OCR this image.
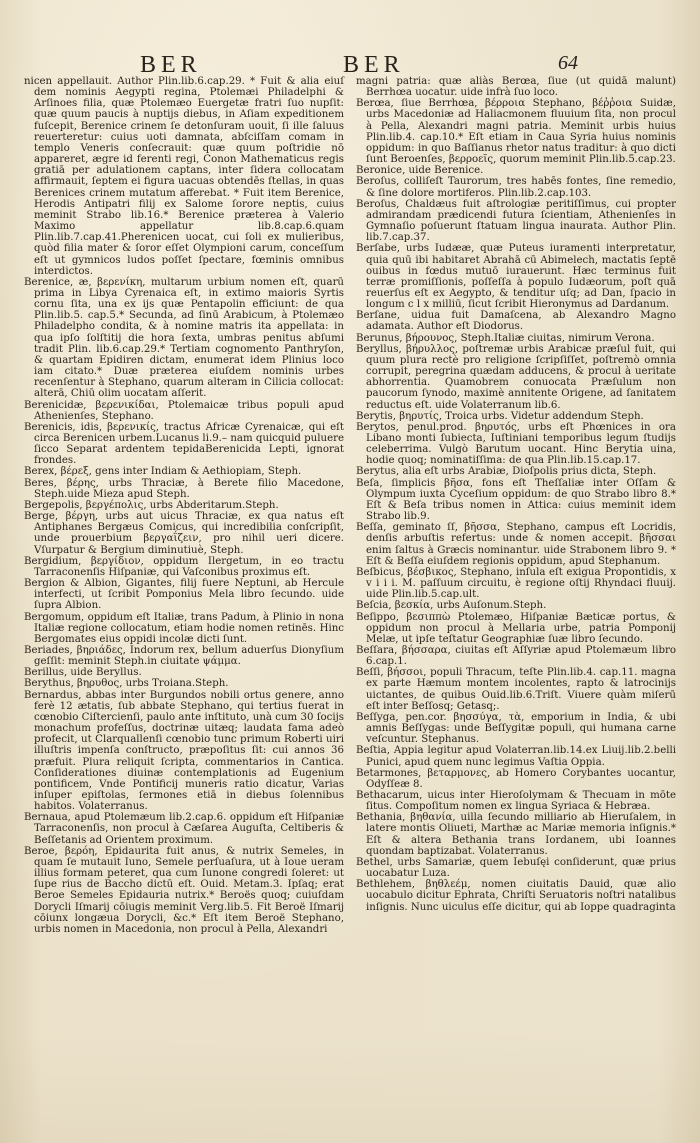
BER	BER	64

nicen appellauit. Author Plin.lib.6.cap.29. * Fuit & alia eiuſ dem nominis Aegypti regina, Ptolemæi Philadelphi & Arſinoes filia, quæ Ptolemæo Euergetæ fratri ſuo nupſit: quæ quum paucis à nuptijs diebus, in Aſiam expeditionem fuſcepit, Berenice crinem ſe detonſuram uouit, ſi ille ſaluus reuerteretur: cuius uoti damnata, abſciſſam comam in templo Veneris conſecrauit: quæ quum poſtridie nō appareret, ægre id ferenti regi, Conon Mathematicus regis gratiā per adulationem captans, inter ſidera collocatam affirmauit, ſeptem ei figura uacuas obtendēs ſtellas, in quas Berenices crinem mutatum afferebat. * Fuit item Berenice, Herodis Antipatri filij ex Salome ſorore neptis, cuius meminit Strabo lib.16.* Berenice præterea à Valerio Maximo appellatur lib.8.cap.6.quam Plin.lib.7.cap.41.Pherenicen uocat, cui ſoli ex mulieribus, quòd filia mater & ſoror eſſet Olympioni carum, conceſſum eſt ut gymnicos ludos poſſet ſpectare, fœminis omnibus interdictos.

Berenice, æ, βερενίκη, multarum urbium nomen eſt, quarū prima in Libya Cyrenaica eſt, in extimo maioris Syrtis cornu ſita, una ex ijs quæ Pentapolin efficiunt: de qua Plin.lib.5. cap.5.* Secunda, ad ſinū Arabicum, à Ptolemæo Philadelpho condita, & à nomine matris ita appellata: in qua ipſo ſolſtitij die hora ſexta, umbras penitus abſumi tradit Plin. lib.6.cap.29.* Tertiam cognomento Panthryſon, & quartam Epidiren dictam, enumerat idem Plinius loco iam citato.* Duæ præterea eiuſdem nominis urbes recenſentur à Stephano, quarum alteram in Cilicia collocat: alterā, Chiū olim uocatam aſſerit.

Berenicidæ, βερενικίδαι, Ptolemaicæ tribus populi apud Athenienſes, Stephano.

Berenicis, idis, βερενικίς, tractus Africæ Cyrenaicæ, qui eſt circa Berenicen urbem.Lucanus li.9.– nam quicquid puluere ſicco Separat ardentem tepidaBerenicida Lepti, ignorat frondes.

Berex, βέρεξ, gens inter Indiam & Aethiopiam, Steph.

Beres, βέρης, urbs Thraciæ, à Berete filio Macedone, Steph.uide Mieza apud Steph.

Bergepolis, βεργέπολις, urbs Abderitarum.Steph.

Berge, βέργη, urbs aut uicus Thraciæ, ex qua natus eſt Antiphanes Bergæus Comicus, qui incredibilia conſcripſit, unde prouerbium βεργαΐζειν, pro nihil ueri dicere. Vſurpatur & Bergium diminutiuè, Steph.

Bergidium, βεργίδιον, oppidum Ilergetum, in eo tractu Tarraconenſis Hiſpaniæ, qui Vaſconibus proximus eſt.

Bergion & Albion, Gigantes, filij fuere Neptuni, ab Hercule interfecti, ut ſcribit Pomponius Mela libro ſecundo. uide ſupra Albion.

Bergomum, oppidum eſt Italiæ, trans Padum, à Plinio in nona Italiæ regione collocatum, etiam hodie nomen retinēs. Hinc Bergomates eius oppidi incolæ dicti ſunt.

Beriades, βηριάδες, Indorum rex, bellum aduerſus Dionyſium geſſit: meminit Steph.in ciuitate ψάμμα.

Berillus, uide Beryllus.

Berythus, βηρυθος, urbs Troiana.Steph.

Bernardus, abbas inter Burgundos nobili ortus genere, anno ferè 12 ætatis, ſub abbate Stephano, qui tertius fuerat in cœnobio Ciſtercienſi, paulo ante inſtituto, unà cum 30 ſocijs monachum profeſſus, doctrinæ uitæq; laudata fama adeò profecit, ut Clarquallenſi cœnobio tunc primum Roberti uiri illuſtris impenſa conſtructo, præpoſitus ſit: cui annos 36 præfuit. Plura reliquit ſcripta, commentarios in Cantica. Conſiderationes diuinæ contemplationis ad Eugenium pontificem, Vnde Pontificij muneris ratio dicatur, Varias inſuper epiſtolas, ſermones etiā in diebus ſolennibus habitos. Volaterranus.

Bernaua, apud Ptolemæum lib.2.cap.6. oppidum eſt Hiſpaniæ Tarraconenſis, non procul à Cæſarea Auguſta, Celtiberis & Beſſetanis ad Orientem proximum.

Beroe, βερόη, Epidaurita fuit anus, & nutrix Semeles, in quam ſe mutauit Iuno, Semele perſuaſura, ut à Ioue ueram illius formam peteret, qua cum Iunone congredi ſoleret: ut ſupe rius de Baccho dictū eſt. Ouid. Metam.3. Ipſaq; erat Beroe Semeles Epidauria nutrix.* Beroës quoq; cuiuſdam Dorycli Iſmarij cōiugis meminit Verg.lib.5. Fit Beroë Iſmarij cōiunx longæua Dorycli, &c.* Eſt item Beroë Stephano, urbis nomen in Macedonia, non procul à Pella, Alexandri

magni patria: quæ aliàs Berœa, ſiue (ut quidā malunt) Berrhœa uocatur. uide infrà ſuo loco.

Berœa, ſiue Berrhœa, βέρροια Stephano, βέῤῥοια Suidæ, urbs Macedoniæ ad Haliacmonem fluuium ſita, non procul à Pella, Alexandri magni patria. Meminit urbis huius Plin.lib.4. cap.10.* Eſt etiam in Caua Syria huius nominis oppidum: in quo Baſſianus rhetor natus traditur: à quo dicti ſunt Beroenſes, βερροεῖς, quorum meminit Plin.lib.5.cap.23.

Beronice, uide Berenice.

Beroſus, colliſeſt Taurorum, tres habēs fontes, ſine remedio, & ſine dolore mortiferos. Plin.lib.2.cap.103.

Beroſus, Chaldæus fuit aſtrologiæ peritiſſimus, cui propter admirandam prædicendi futura ſcientiam, Athenienſes in Gymnaſio poſuerunt ſtatuam lingua inaurata. Author Plin. lib.7.cap.37.

Berſabe, urbs Iudææ, quæ Puteus iuramenti interpretatur, quia quū ibi habitaret Abrahā cū Abimelech, mactatis ſeptē ouibus in fœdus mutuō iurauerunt. Hæc terminus fuit terræ promiſſionis, poſſeſſa à populo Iudæorum, poſt quā reuerſus eſt ex Aegypto, & tenditur uſq; ad Dan, ſpacio in longum c l x milliū, ſicut ſcribit Hieronymus ad Dardanum.

Berſane, uidua fuit Damaſcena, ab Alexandro Magno adamata. Author eſt Diodorus.

Berunus, βήρουνος, Steph.Italiæ ciuitas, nimirum Verona.

Beryllus, βήρυλλος, poſtremæ urbis Arabicæ præſul fuit, qui quum plura rectè pro religione ſcripſiſſet, poſtremò omnia corrupit, peregrina quædam adducens, & procul à ueritate abhorrentia. Quamobrem conuocata Præſulum non paucorum ſynodo, maximè annitente Origene, ad ſanitatem reductus eſt. uide Volaterranum lib.6.

Berytis, βηρυτίς, Troica urbs. Videtur addendum Steph.

Berytos, penul.prod. βηρυτός, urbs eſt Phœnices in ora Libano monti ſubiecta, Iuſtiniani temporibus legum ſtudijs celeberrima. Vulgò Barutum uocant. Hinc Berytia uina, hodie quoq; nominatiſſima: de qua Plin.lib.15.cap.17.

Berytus, alia eſt urbs Arabiæ, Dioſpolis prius dicta, Steph.

Beſa, ſimplicis βῆσα, fons eſt Theſſaliæ inter Oſſam & Olympum iuxta Cyceſium oppidum: de quo Strabo libro 8.* Eſt & Beſa tribus nomen in Attica: cuius meminit idem Strabo lib.9.

Beſſa, geminato ſſ, βῆσσα, Stephano, campus eſt Locridis, denſis arbuſtis refertus: unde & nomen accepit. βῆσσαι enim ſaltus à Græcis nominantur. uide Strabonem libro 9. * Eſt & Beſſa eiuſdem regionis oppidum, apud Stephanum.

Beſbicus, βέσβικος, Stephano, inſula eſt exigua Propontidis, x v i i i. M. paſſuum circuitu, è regione oſtij Rhyndaci fluuij. uide Plin.lib.5.cap.ult.

Beſcia, βεσκία, urbs Auſonum.Steph.

Beſippo, βεσιππὼ Ptolemæo, Hiſpaniæ Bæticæ portus, & oppidum non procul à Mellaria urbe, patria Pomponij Melæ, ut ipſe teſtatur Geographiæ ſuæ libro ſecundo.

Beſſara, βήσσαρα, ciuitas eſt Aſſyriæ apud Ptolemæum libro 6.cap.1.

Beſſi, βήσσοι, populi Thracum, teſte Plin.lib.4. cap.11. magna ex parte Hæmum montem incolentes, rapto & latrocinijs uictantes, de quibus Ouid.lib.6.Triſt. Viuere quàm miſerū eſt inter Beſſosq; Getasq;.

Beſſyga, pen.cor. βησσύγα, τὰ, emporium in India, & ubi amnis Beſſygas: unde Beſſygitæ populi, qui humana carne veſcuntur. Stephanus.

Beſtia, Appia legitur apud Volaterran.lib.14.ex Liuij.lib.2.belli Punici, apud quem nunc legimus Vaſtia Oppia.

Betarmones, βεταρμονες, ab Homero Corybantes uocantur, Odyſſeæ 8.

Bethacarum, uicus inter Hieroſolymam & Thecuam in mōte ſitus. Compoſitum nomen ex lingua Syriaca & Hebræa.

Bethania, βηθανία, uilla ſecundo milliario ab Hieruſalem, in latere montis Oliueti, Marthæ ac Mariæ memoria inſignis.* Eſt & altera Bethania trans Iordanem, ubi Ioannes quondam baptizabat. Volaterranus.

Bethel, urbs Samariæ, quem Iebuſęi conſiderunt, quæ prius uocabatur Luza.

Bethlehem, βηθλεέμ, nomen ciuitatis Dauid, quæ alio uocabulo dicitur Ephrata, Chriſti Seruatoris noſtri natalibus inſignis. Nunc uiculus eſſe dicitur, qui ab Ioppe quadraginta
